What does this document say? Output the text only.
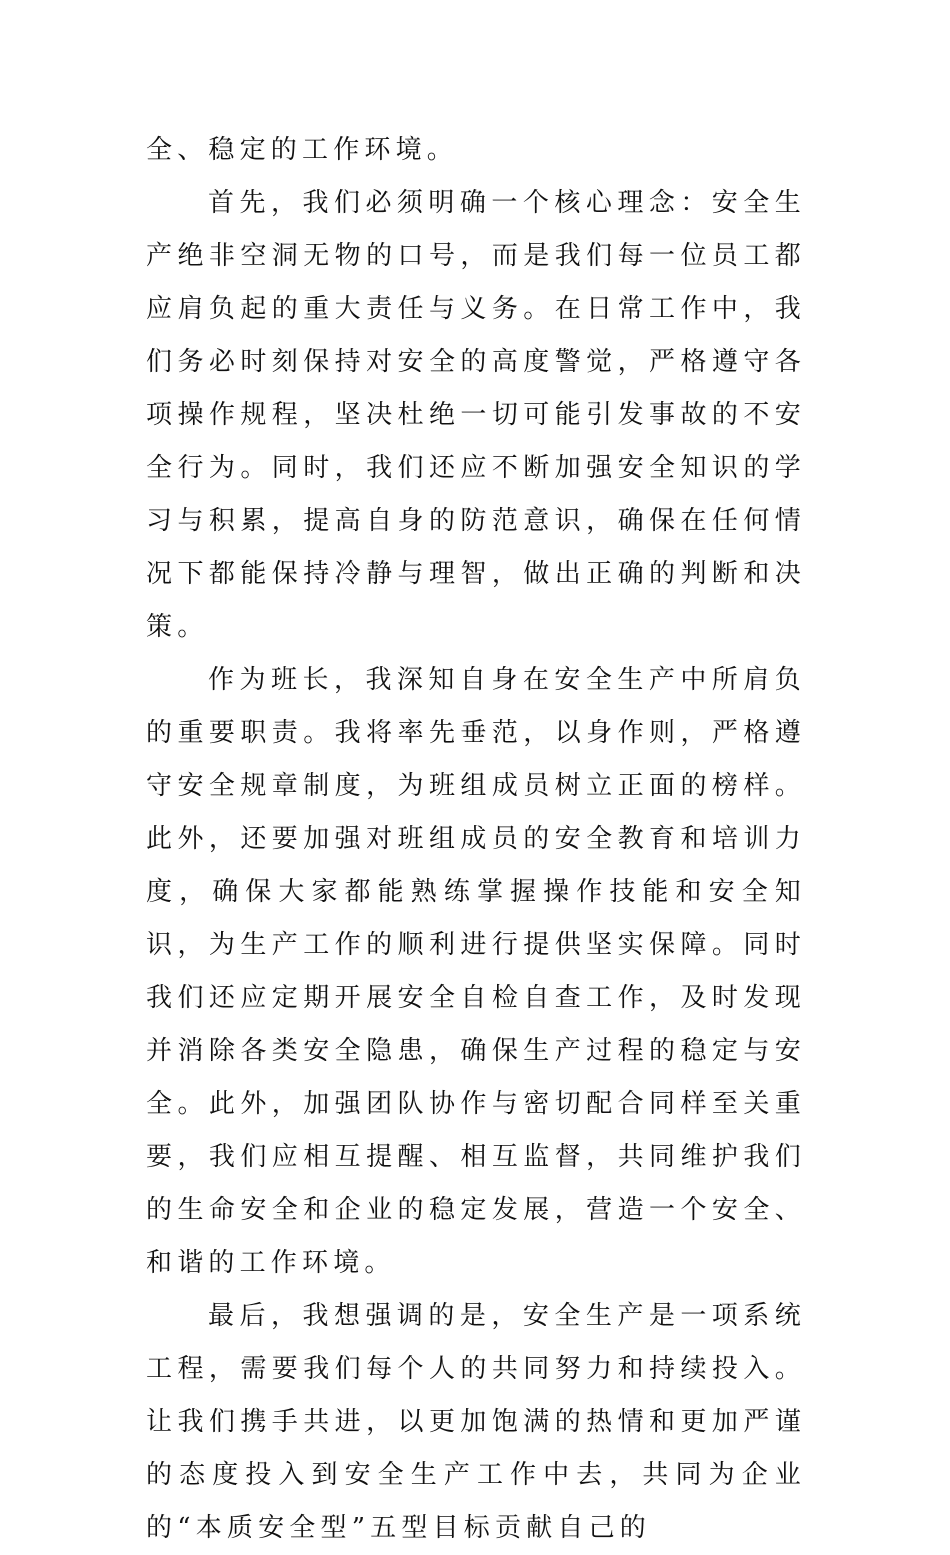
全、稳定的工作环境。

首先，我们必须明确一个核心理念：安全生产绝非空洞无物的口号，而是我们每一位员工都应肩负起的重大责任与义务。在日常工作中，我们务必时刻保持对安全的高度警觉，严格遵守各项操作规程，坚决杜绝一切可能引发事故的不安全行为。同时，我们还应不断加强安全知识的学习与积累，提高自身的防范意识，确保在任何情况下都能保持冷静与理智，做出正确的判断和决策。

作为班长，我深知自身在安全生产中所肩负的重要职责。我将率先垂范，以身作则，严格遵守安全规章制度，为班组成员树立正面的榜样。此外，还要加强对班组成员的安全教育和培训力度，确保大家都能熟练掌握操作技能和安全知识，为生产工作的顺利进行提供坚实保障。同时我们还应定期开展安全自检自查工作，及时发现并消除各类安全隐患，确保生产过程的稳定与安全。此外，加强团队协作与密切配合同样至关重要，我们应相互提醒、相互监督，共同维护我们的生命安全和企业的稳定发展，营造一个安全、和谐的工作环境。

最后，我想强调的是，安全生产是一项系统工程，需要我们每个人的共同努力和持续投入。让我们携手共进，以更加饱满的热情和更加严谨的态度投入到安全生产工作中去，共同为企业的“本质安全型”五型目标贡献自己的
